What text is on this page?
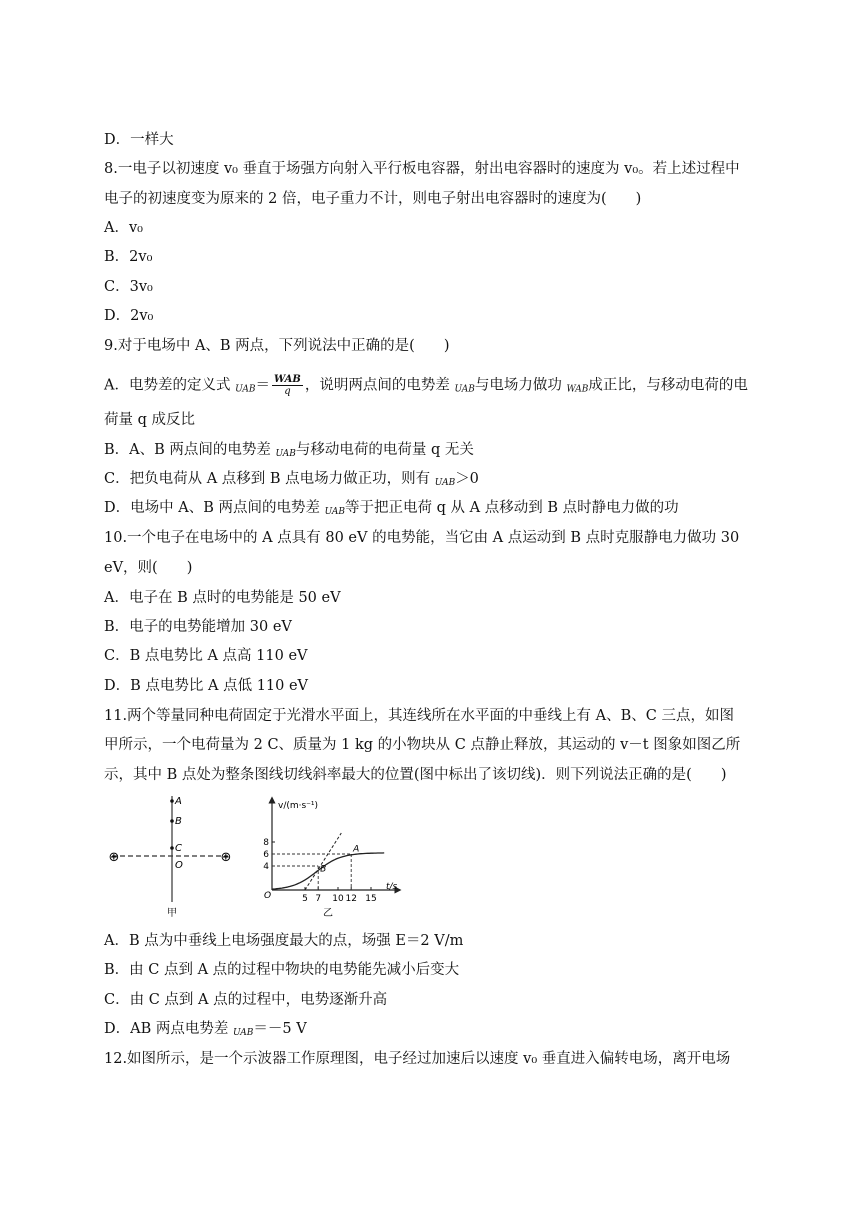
D．一样大
8.一电子以初速度 v₀ 垂直于场强方向射入平行板电容器，射出电容器时的速度为 v₀。若上述过程中
电子的初速度变为原来的 2 倍，电子重力不计，则电子射出电容器时的速度为(　　)
A．v₀
B．2v₀
C．3v₀
D．2v₀
9.对于电场中 A、B 两点，下列说法中正确的是(　　)
A．电势差的定义式 $_{UAB}= \frac{\text{WAB}}{q}$ ，说明两点间的电势差 $_{UAB}$与电场力做功 $_{WAB}$成正比，与移动电荷的电
荷量 q 成反比
B．A、B 两点间的电势差 $_{UAB}$与移动电荷的电荷量 q 无关
C．把负电荷从 A 点移到 B 点电场力做正功，则有 $_{UAB}$＞0
D．电场中 A、B 两点间的电势差 $_{UAB}$等于把正电荷 q 从 A 点移动到 B 点时静电力做的功
10.一个电子在电场中的 A 点具有 80 eV 的电势能，当它由 A 点运动到 B 点时克服静电力做功 30
eV，则(　　)
A．电子在 B 点时的电势能是 50 eV
B．电子的电势能增加 30 eV
C．B 点电势比 A 点高 110 eV
D．B 点电势比 A 点低 110 eV
11.两个等量同种电荷固定于光滑水平面上，其连线所在水平面的中垂线上有 A、B、C 三点，如图
甲所示，一个电荷量为 2 C、质量为 1 kg 的小物块从 C 点静止释放，其运动的 v－t 图象如图乙所
示，其中 B 点处为整条图线切线斜率最大的位置(图中标出了该切线)．则下列说法正确的是(　　)
⊕	⊕
A
B
C
O
甲
v/(m·s⁻¹)
t/s
O
8
6
4
5 7 10 12 15
A
B
乙
A．B 点为中垂线上电场强度最大的点，场强 E＝2 V/m
B．由 C 点到 A 点的过程中物块的电势能先减小后变大
C．由 C 点到 A 点的过程中，电势逐渐升高
D．AB 两点电势差 $_{UAB}$＝－5 V
12.如图所示，是一个示波器工作原理图，电子经过加速后以速度 v₀ 垂直进入偏转电场，离开电场
